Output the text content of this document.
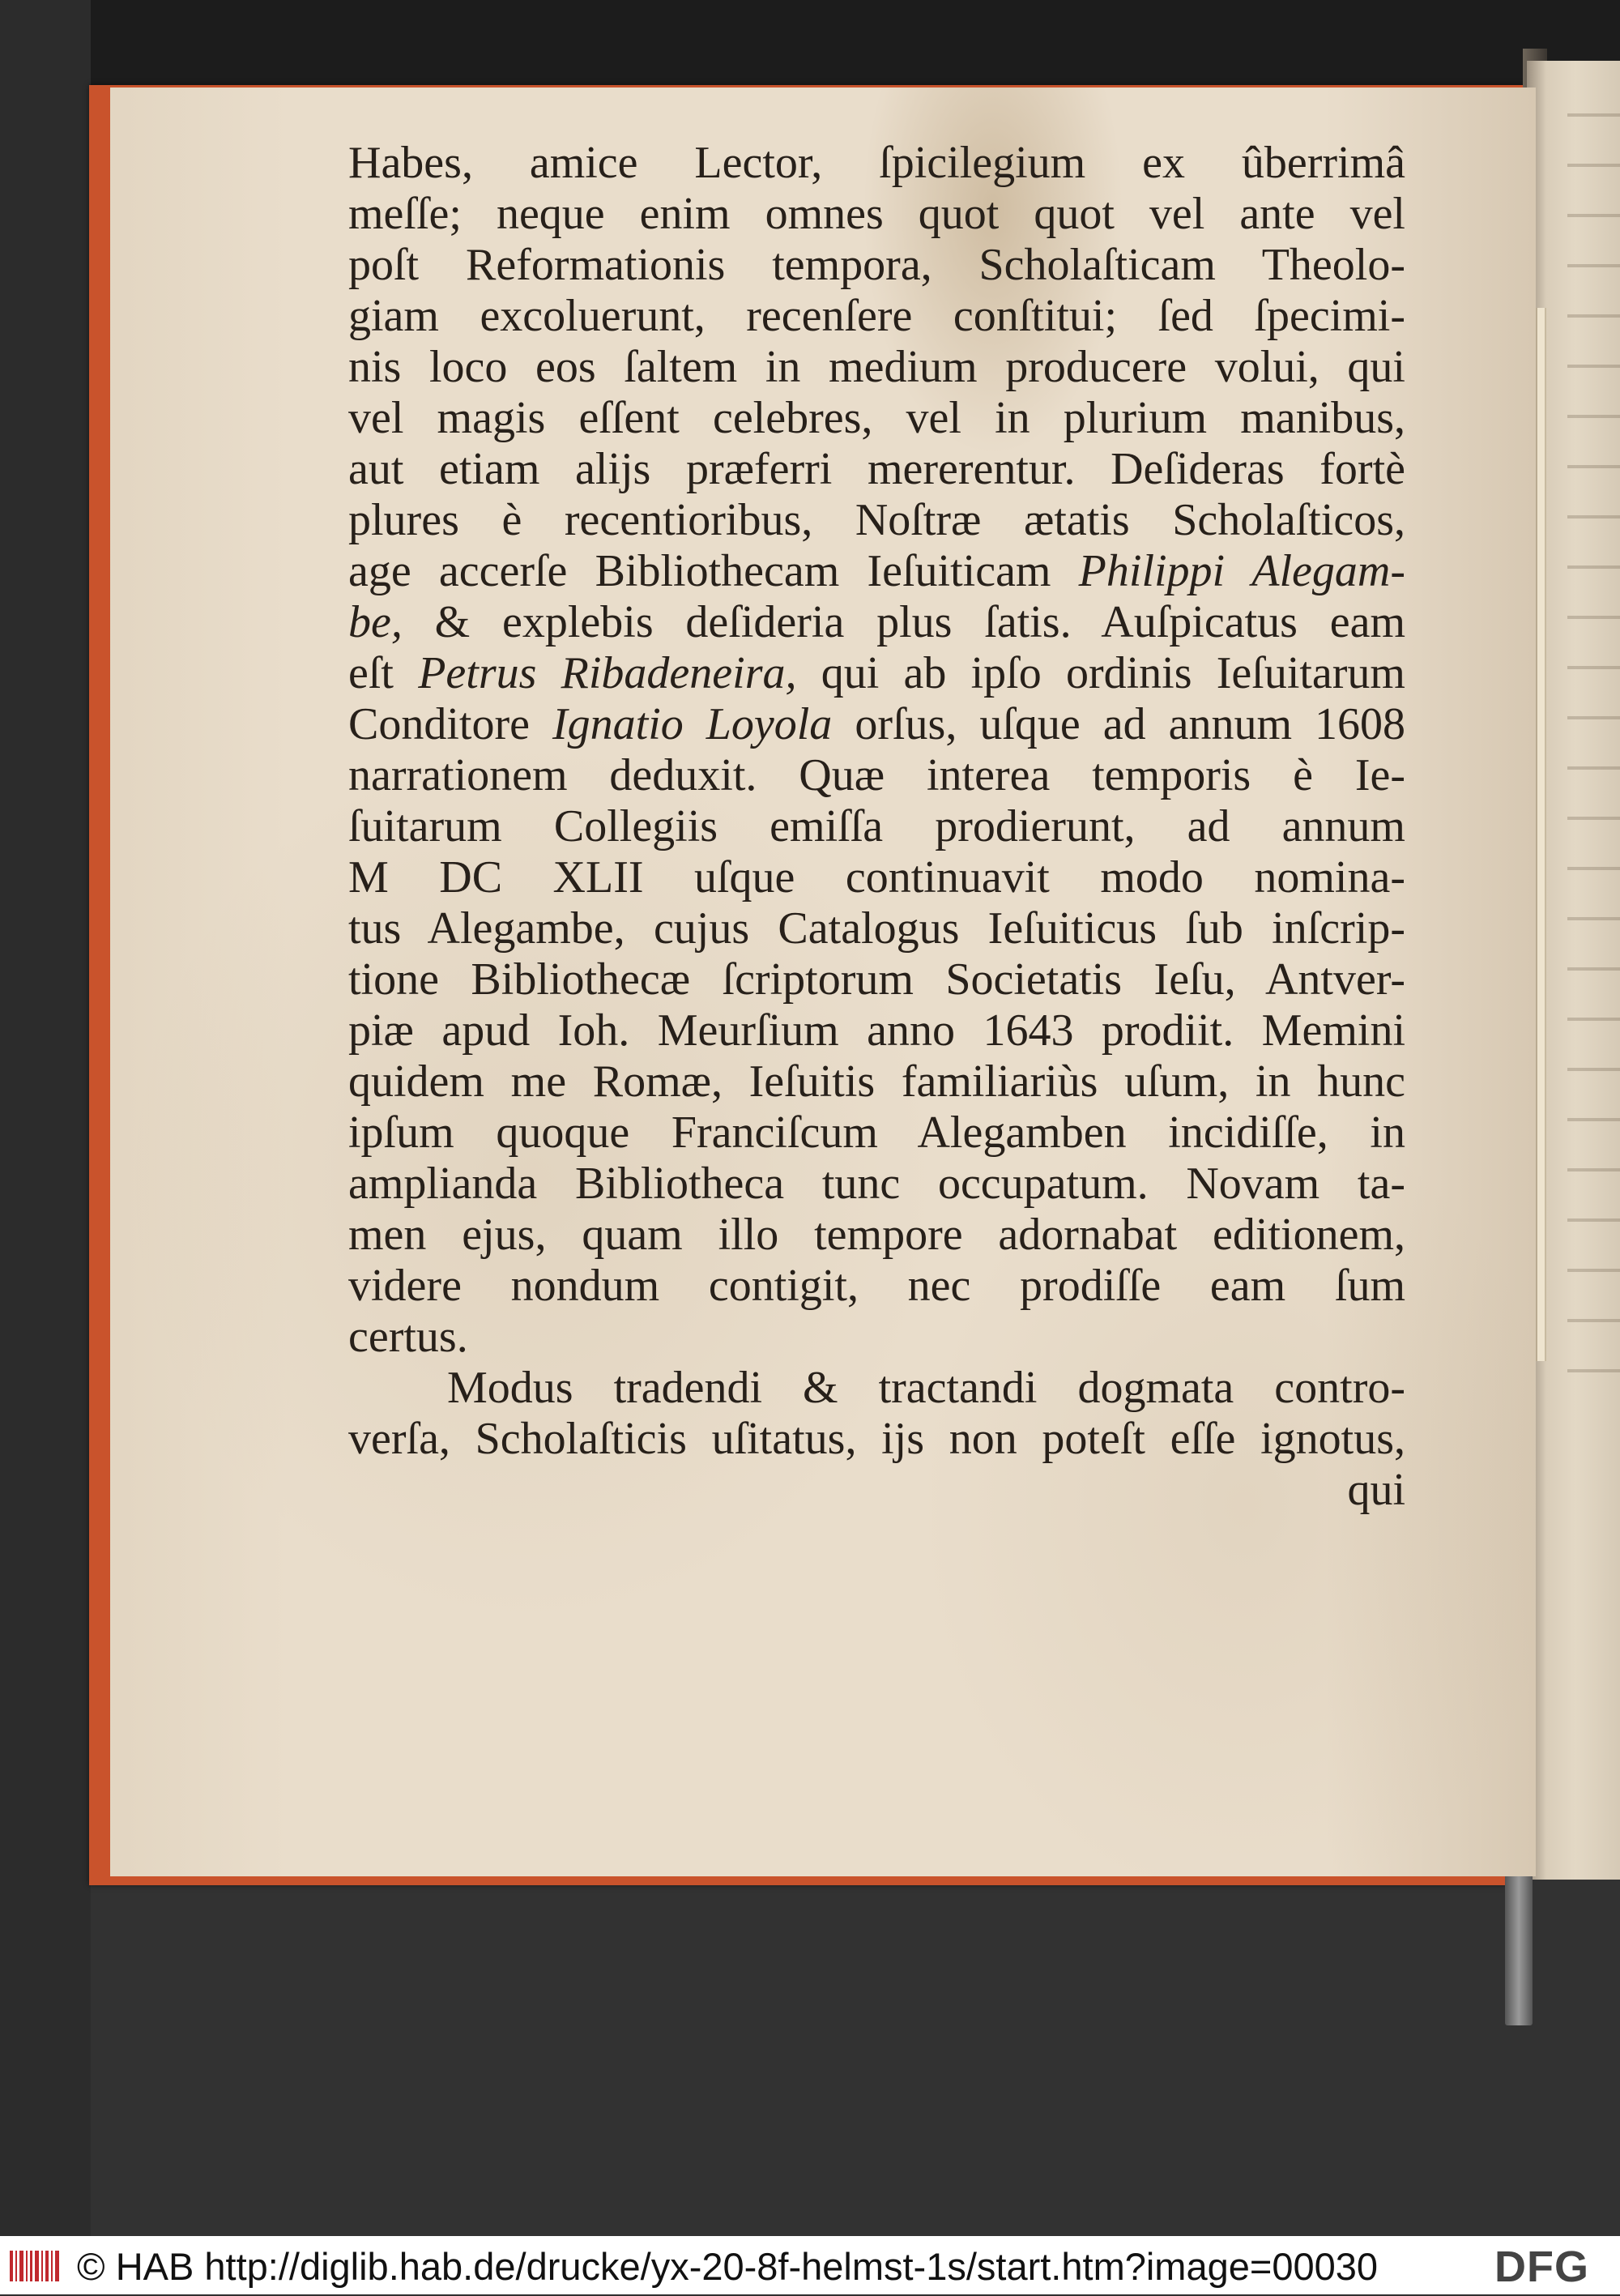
Habes, amice Lector, ſpicilegium ex ûberrimâ
meſſe; neque enim omnes quot quot vel ante vel
poſt Reformationis tempora, Scholaſticam Theolo-
giam excoluerunt, recenſere conſtitui; ſed ſpecimi-
nis loco eos ſaltem in medium producere volui, qui
vel magis eſſent celebres, vel in plurium manibus,
aut etiam alijs præferri mererentur. Deſideras fortè
plures è recentioribus, Noſtræ ætatis Scholaſticos,
age accerſe Bibliothecam Ieſuiticam Philippi Alegam-
be, & explebis deſideria plus ſatis. Auſpicatus eam
eſt Petrus Ribadeneira, qui ab ipſo ordinis Ieſuitarum
Conditore Ignatio Loyola orſus, uſque ad annum 1608
narrationem deduxit. Quæ interea temporis è Ie-
ſuitarum Collegiis emiſſa prodierunt, ad annum
M DC XLII uſque continuavit modo nomina-
tus Alegambe, cujus Catalogus Ieſuiticus ſub inſcrip-
tione Bibliothecæ ſcriptorum Societatis Ieſu, Antver-
piæ apud Ioh. Meurſium anno 1643 prodiit. Memini
quidem me Romæ, Ieſuitis familiariùs uſum, in hunc
ipſum quoque Franciſcum Alegamben incidiſſe, in
amplianda Bibliotheca tunc occupatum. Novam ta-
men ejus, quam illo tempore adornabat editionem,
videre nondum contigit, nec prodiſſe eam ſum
certus.
Modus tradendi & tractandi dogmata contro-
verſa, Scholaſticis uſitatus, ijs non poteſt eſſe ignotus,
qui
© HAB http://diglib.hab.de/drucke/yx-20-8f-helmst-1s/start.htm?image=00030	DFG
